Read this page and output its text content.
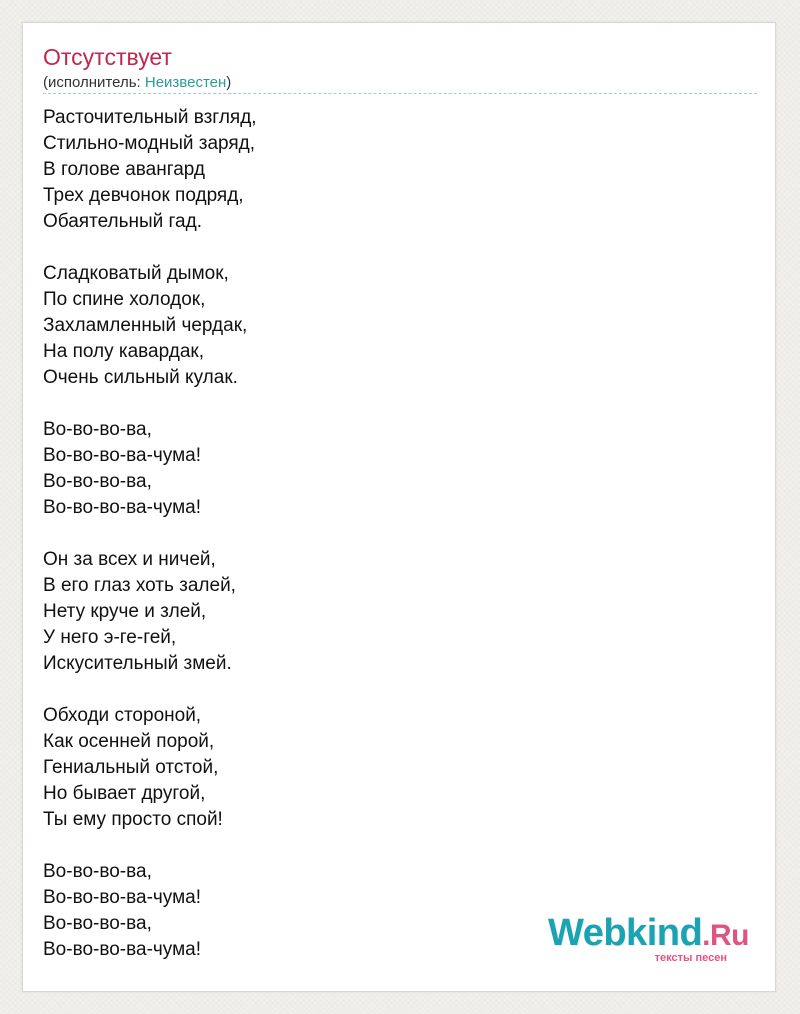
Отсутствует
(исполнитель: Неизвестен)
Расточительный взгляд,
Стильно-модный заряд,
В голове авангард
Трех девчонок подряд,
Обаятельный гад.
Сладковатый дымок,
По спине холодок,
Захламленный чердак,
На полу кавардак,
Очень сильный кулак.
Во-во-во-ва,
Во-во-во-ва-чума!
Во-во-во-ва,
Во-во-во-ва-чума!
Он за всех и ничей,
В его глаз хоть залей,
Нету круче и злей,
У него э-ге-гей,
Искусительный змей.
Обходи стороной,
Как осенней порой,
Гениальный отстой,
Но бывает другой,
Ты ему просто спой!
Во-во-во-ва,
Во-во-во-ва-чума!
Во-во-во-ва,
Во-во-во-ва-чума!	Webkind.Ru
тексты песен
